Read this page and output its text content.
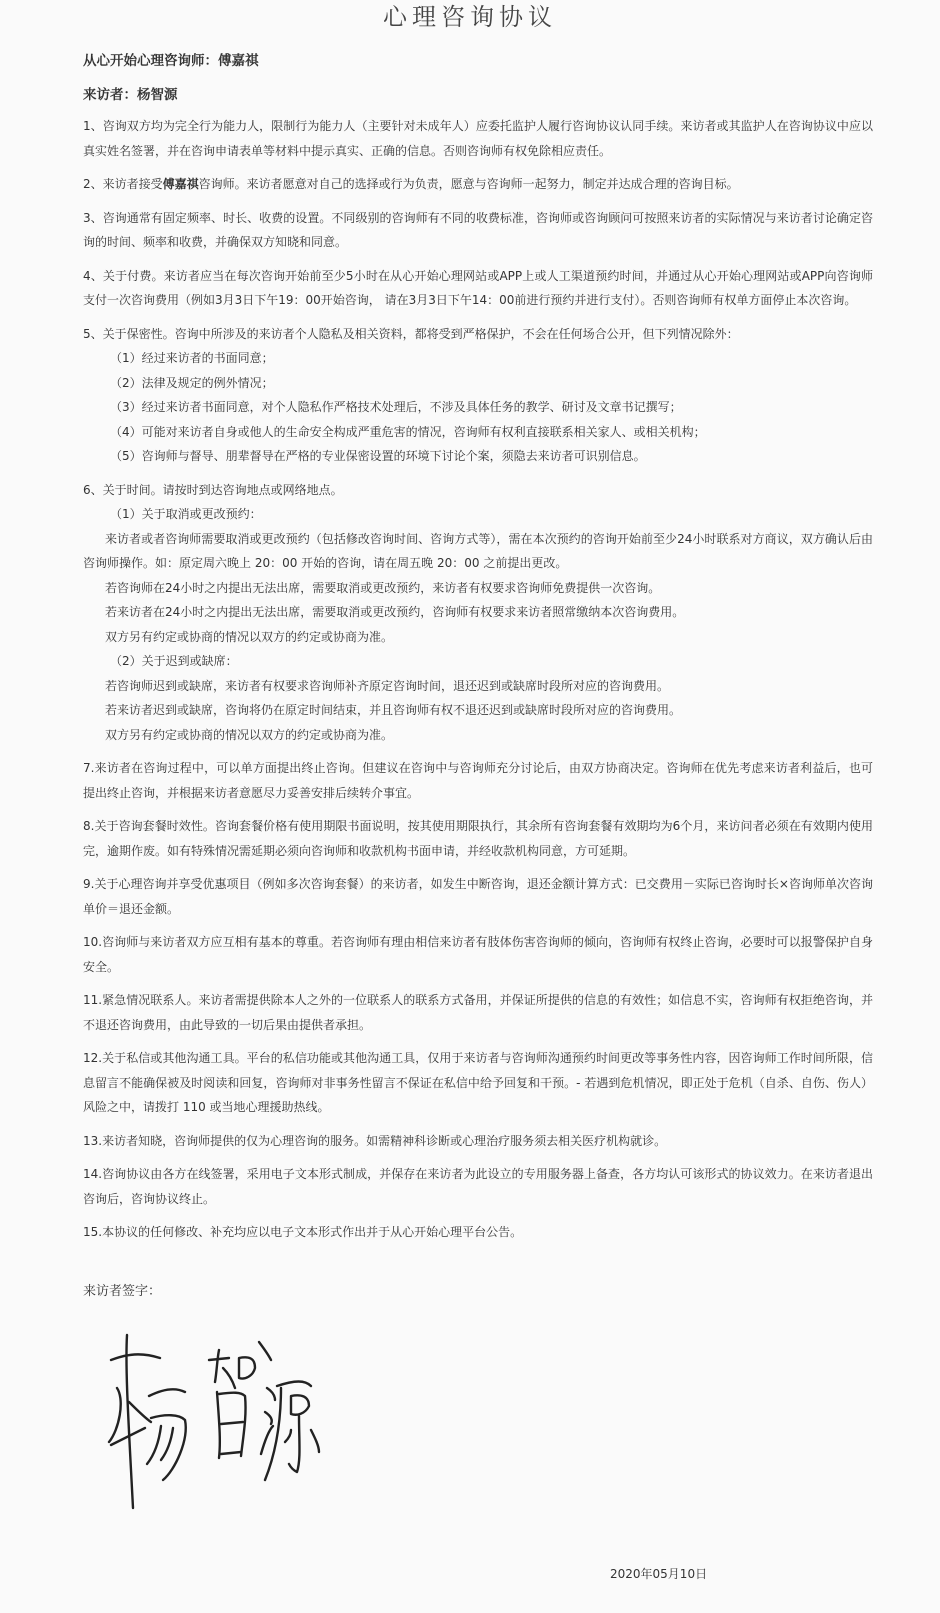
心理咨询协议
从心开始心理咨询师：傅嘉祺
来访者：杨智源

1、咨询双方均为完全行为能力人，限制行为能力人（主要针对未成年人）应委托监护人履行咨询协议认同手续。来访者或其监护人在咨询协议中应以真实姓名签署，并在咨询申请表单等材料中提示真实、正确的信息。否则咨询师有权免除相应责任。

2、来访者接受傅嘉祺咨询师。来访者愿意对自己的选择或行为负责，愿意与咨询师一起努力，制定并达成合理的咨询目标。

3、咨询通常有固定频率、时长、收费的设置。不同级别的咨询师有不同的收费标准，咨询师或咨询顾问可按照来访者的实际情况与来访者讨论确定咨询的时间、频率和收费，并确保双方知晓和同意。

4、关于付费。来访者应当在每次咨询开始前至少5小时在从心开始心理网站或APP上或人工渠道预约时间，并通过从心开始心理网站或APP向咨询师支付一次咨询费用（例如3月3日下午19：00开始咨询， 请在3月3日下午14：00前进行预约并进行支付）。否则咨询师有权单方面停止本次咨询。

5、关于保密性。咨询中所涉及的来访者个人隐私及相关资料，都将受到严格保护，不会在任何场合公开，但下列情况除外：

（1）经过来访者的书面同意；

（2）法律及规定的例外情况；

（3）经过来访者书面同意，对个人隐私作严格技术处理后，不涉及具体任务的教学、研讨及文章书记撰写；

（4）可能对来访者自身或他人的生命安全构成严重危害的情况，咨询师有权利直接联系相关家人、或相关机构；

（5）咨询师与督导、朋辈督导在严格的专业保密设置的环境下讨论个案，须隐去来访者可识别信息。

6、关于时间。请按时到达咨询地点或网络地点。

（1）关于取消或更改预约：

来访者或者咨询师需要取消或更改预约（包括修改咨询时间、咨询方式等），需在本次预约的咨询开始前至少24小时联系对方商议，双方确认后由咨询师操作。如：原定周六晚上 20：00 开始的咨询，请在周五晚 20：00 之前提出更改。

若咨询师在24小时之内提出无法出席，需要取消或更改预约，来访者有权要求咨询师免费提供一次咨询。

若来访者在24小时之内提出无法出席，需要取消或更改预约，咨询师有权要求来访者照常缴纳本次咨询费用。

双方另有约定或协商的情况以双方的约定或协商为准。

（2）关于迟到或缺席：

若咨询师迟到或缺席，来访者有权要求咨询师补齐原定咨询时间，退还迟到或缺席时段所对应的咨询费用。

若来访者迟到或缺席，咨询将仍在原定时间结束，并且咨询师有权不退还迟到或缺席时段所对应的咨询费用。

双方另有约定或协商的情况以双方的约定或协商为准。

7.来访者在咨询过程中，可以单方面提出终止咨询。但建议在咨询中与咨询师充分讨论后，由双方协商决定。咨询师在优先考虑来访者利益后，也可提出终止咨询，并根据来访者意愿尽力妥善安排后续转介事宜。

8.关于咨询套餐时效性。咨询套餐价格有使用期限书面说明，按其使用期限执行，其余所有咨询套餐有效期均为6个月，来访问者必须在有效期内使用完，逾期作废。如有特殊情况需延期必须向咨询师和收款机构书面申请，并经收款机构同意，方可延期。

9.关于心理咨询并享受优惠项目（例如多次咨询套餐）的来访者，如发生中断咨询，退还金额计算方式：已交费用－实际已咨询时长×咨询师单次咨询单价＝退还金额。

10.咨询师与来访者双方应互相有基本的尊重。若咨询师有理由相信来访者有肢体伤害咨询师的倾向，咨询师有权终止咨询，必要时可以报警保护自身安全。

11.紧急情况联系人。来访者需提供除本人之外的一位联系人的联系方式备用，并保证所提供的信息的有效性；如信息不实，咨询师有权拒绝咨询，并不退还咨询费用，由此导致的一切后果由提供者承担。

12.关于私信或其他沟通工具。平台的私信功能或其他沟通工具，仅用于来访者与咨询师沟通预约时间更改等事务性内容，因咨询师工作时间所限，信息留言不能确保被及时阅读和回复，咨询师对非事务性留言不保证在私信中给予回复和干预。- 若遇到危机情况，即正处于危机（自杀、自伤、伤人）风险之中，请拨打 110 或当地心理援助热线。

13.来访者知晓，咨询师提供的仅为心理咨询的服务。如需精神科诊断或心理治疗服务须去相关医疗机构就诊。

14.咨询协议由各方在线签署，采用电子文本形式制成，并保存在来访者为此设立的专用服务器上备查，各方均认可该形式的协议效力。在来访者退出咨询后，咨询协议终止。

15.本协议的任何修改、补充均应以电子文本形式作出并于从心开始心理平台公告。

来访者签字：
2020年05月10日
